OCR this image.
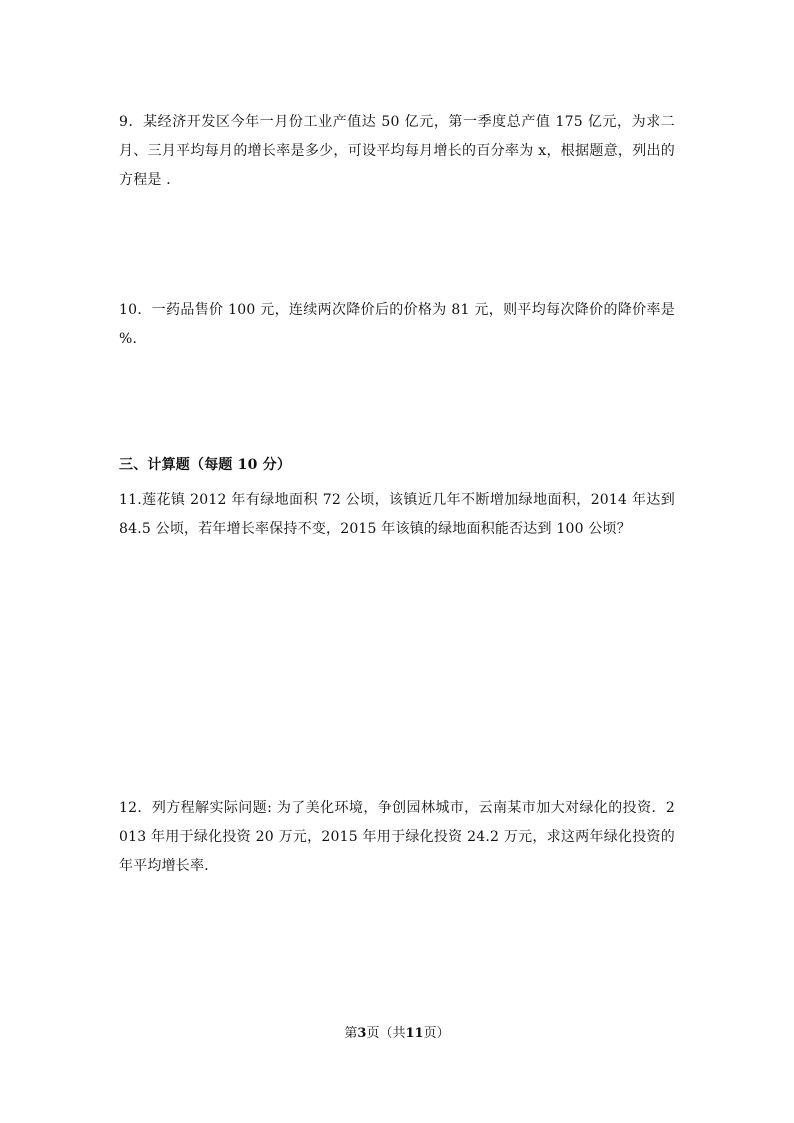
9．某经济开发区今年一月份工业产值达 50 亿元，第一季度总产值 175 亿元，为求二月、三月平均每月的增长率是多少，可设平均每月增长的百分率为 x，根据题意，列出的方程是 ．

10．一药品售价 100 元，连续两次降价后的价格为 81 元，则平均每次降价的降价率是 %．

三、计算题（每题 10 分）

11.莲花镇 2012 年有绿地面积 72 公顷，该镇近几年不断增加绿地面积，2014 年达到 84.5 公顷，若年增长率保持不变，2015 年该镇的绿地面积能否达到 100 公顷？

12．列方程解实际问题: 为了美化环境，争创园林城市，云南某市加大对绿化的投资．2013 年用于绿化投资 20 万元，2015 年用于绿化投资 24.2 万元，求这两年绿化投资的年平均增长率．

第3页（共11页）
